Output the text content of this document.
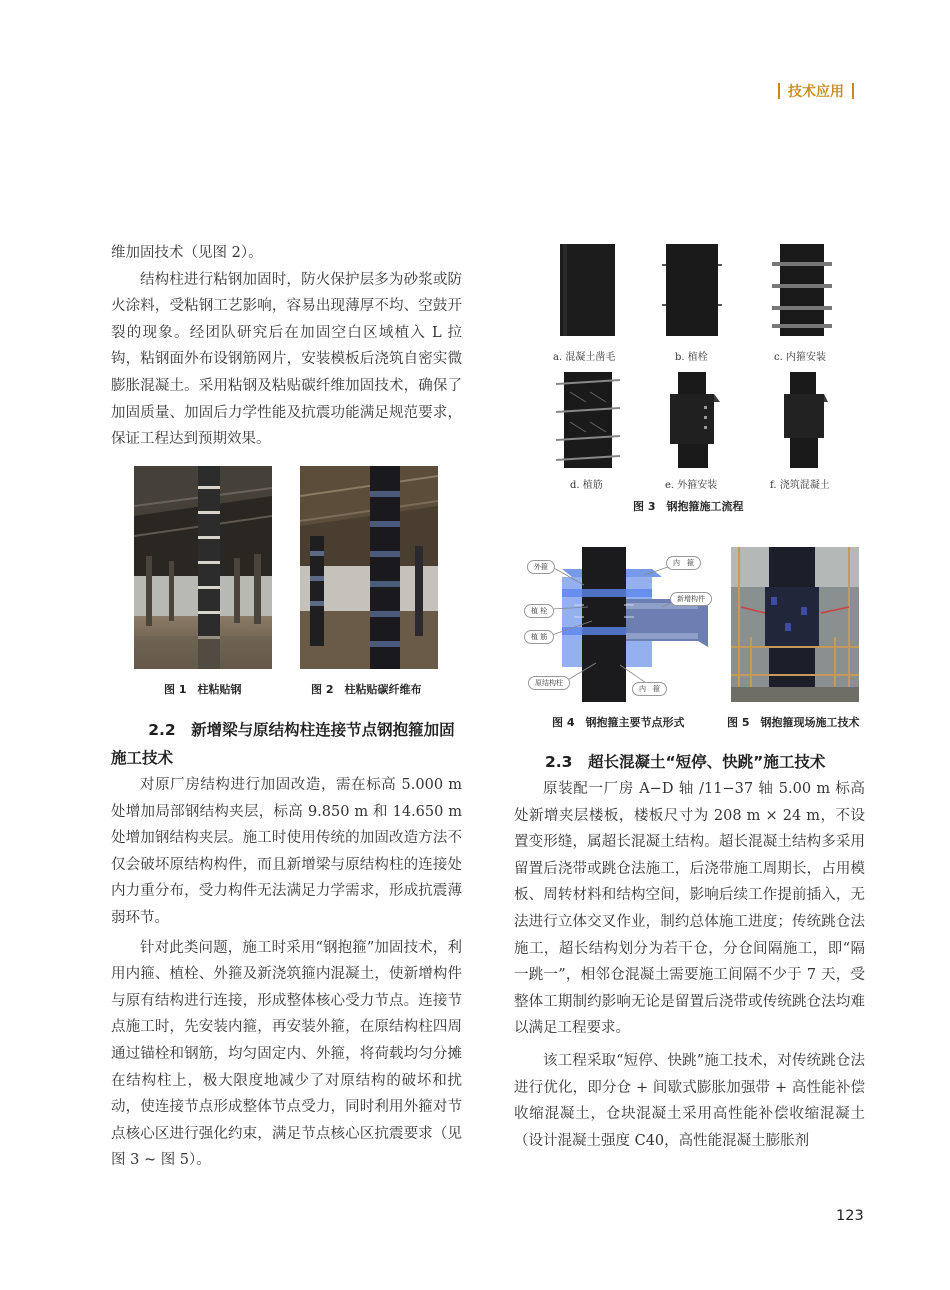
技术应用

维加固技术（见图 2）。

结构柱进行粘钢加固时，防火保护层多为砂浆或防火涂料，受粘钢工艺影响，容易出现薄厚不均、空鼓开裂的现象。经团队研究后在加固空白区域植入 L 拉钩，粘钢面外布设钢筋网片，安装模板后浇筑自密实微膨胀混凝土。采用粘钢及粘贴碳纤维加固技术，确保了加固质量、加固后力学性能及抗震功能满足规范要求，保证工程达到预期效果。

图 1　柱粘贴钢	图 2　柱粘贴碳纤维布
2.2　新增梁与原结构柱连接节点钢抱箍加固施工技术

对原厂房结构进行加固改造，需在标高 5.000 m 处增加局部钢结构夹层，标高 9.850 m 和 14.650 m 处增加钢结构夹层。施工时使用传统的加固改造方法不仅会破坏原结构构件，而且新增梁与原结构柱的连接处内力重分布，受力构件无法满足力学需求，形成抗震薄弱环节。

针对此类问题，施工时采用“钢抱箍”加固技术，利用内箍、植栓、外箍及新浇筑箍内混凝土，使新增构件与原有结构进行连接，形成整体核心受力节点。连接节点施工时，先安装内箍，再安装外箍，在原结构柱四周通过锚栓和钢筋，均匀固定内、外箍，将荷载均匀分摊在结构柱上，极大限度地减少了对原结构的破坏和扰动，使连接节点形成整体节点受力，同时利用外箍对节点核心区进行强化约束，满足节点核心区抗震要求（见图 3 ~ 图 5）。

a. 混凝土凿毛	b. 植栓	c. 内箍安装
d. 植筋	e. 外箍安装	f. 浇筑混凝土
图 3　钢抱箍施工流程
外箍	内　箍
新增构件
植 栓
植 筋
原结构柱
内　箍
图 4　钢抱箍主要节点形式	图 5　钢抱箍现场施工技术
2.3　超长混凝土“短停、快跳”施工技术

原装配一厂房 A−D 轴 /11−37 轴 5.00 m 标高处新增夹层楼板，楼板尺寸为 208 m × 24 m，不设置变形缝，属超长混凝土结构。超长混凝土结构多采用留置后浇带或跳仓法施工，后浇带施工周期长，占用模板、周转材料和结构空间，影响后续工作提前插入，无法进行立体交叉作业，制约总体施工进度；传统跳仓法施工，超长结构划分为若干仓，分仓间隔施工，即“隔一跳一”，相邻仓混凝土需要施工间隔不少于 7 天，受整体工期制约影响无论是留置后浇带或传统跳仓法均难以满足工程要求。

该工程采取“短停、快跳”施工技术，对传统跳仓法进行优化，即分仓 + 间歇式膨胀加强带 + 高性能补偿收缩混凝土，仓块混凝土采用高性能补偿收缩混凝土（设计混凝土强度 C40，高性能混凝土膨胀剂

123
